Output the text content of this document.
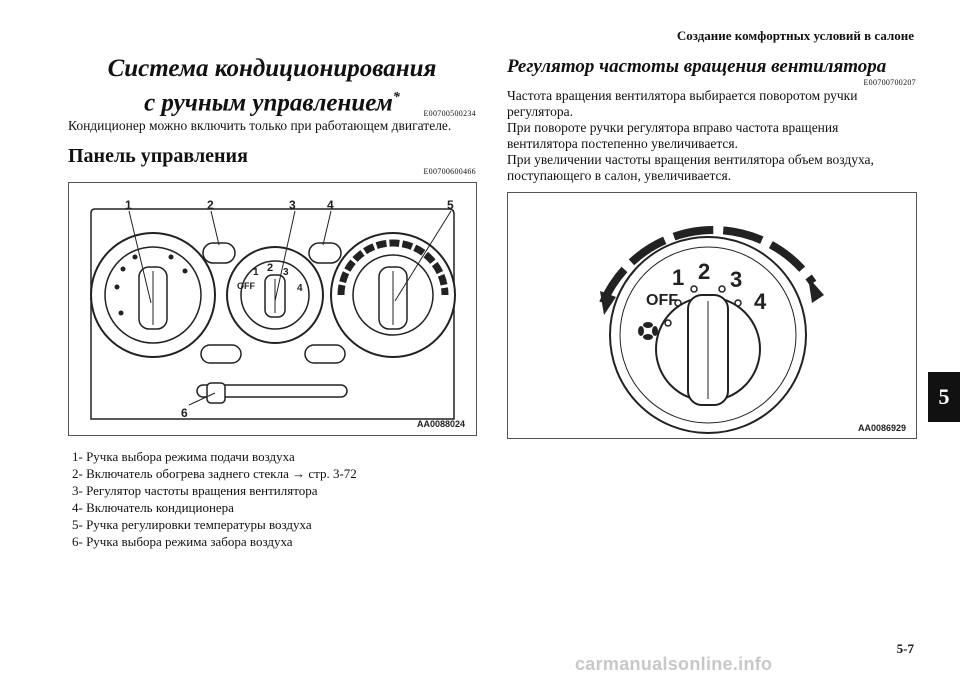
Создание комфортных условий в салоне
5
Система кондиционирования
с ручным управлением*
E00700500234
Кондиционер можно включить только при работающем двигателе.
Панель управления
E00700600466
OFF
1 2 3
4
1	2	3	4	5
6
AA0088024
1- Ручка выбора режима подачи воздуха
2- Включатель обогрева заднего стекла → стр. 3-72
3- Регулятор частоты вращения вентилятора
4- Включатель кондиционера
5- Ручка регулировки температуры воздуха
6- Ручка выбора режима забора воздуха
Регулятор частоты вращения вентилятора
E00700700207
Частота вращения вентилятора выбирается поворотом ручки
регулятора.
При повороте ручки регулятора вправо частота вращения
вентилятора постепенно увеличивается.
При увеличении частоты вращения вентилятора объем воздуха,
поступающего в салон, увеличивается.
OFF
1 2 3
4
AA0086929
5-7
carmanualsonline.info
